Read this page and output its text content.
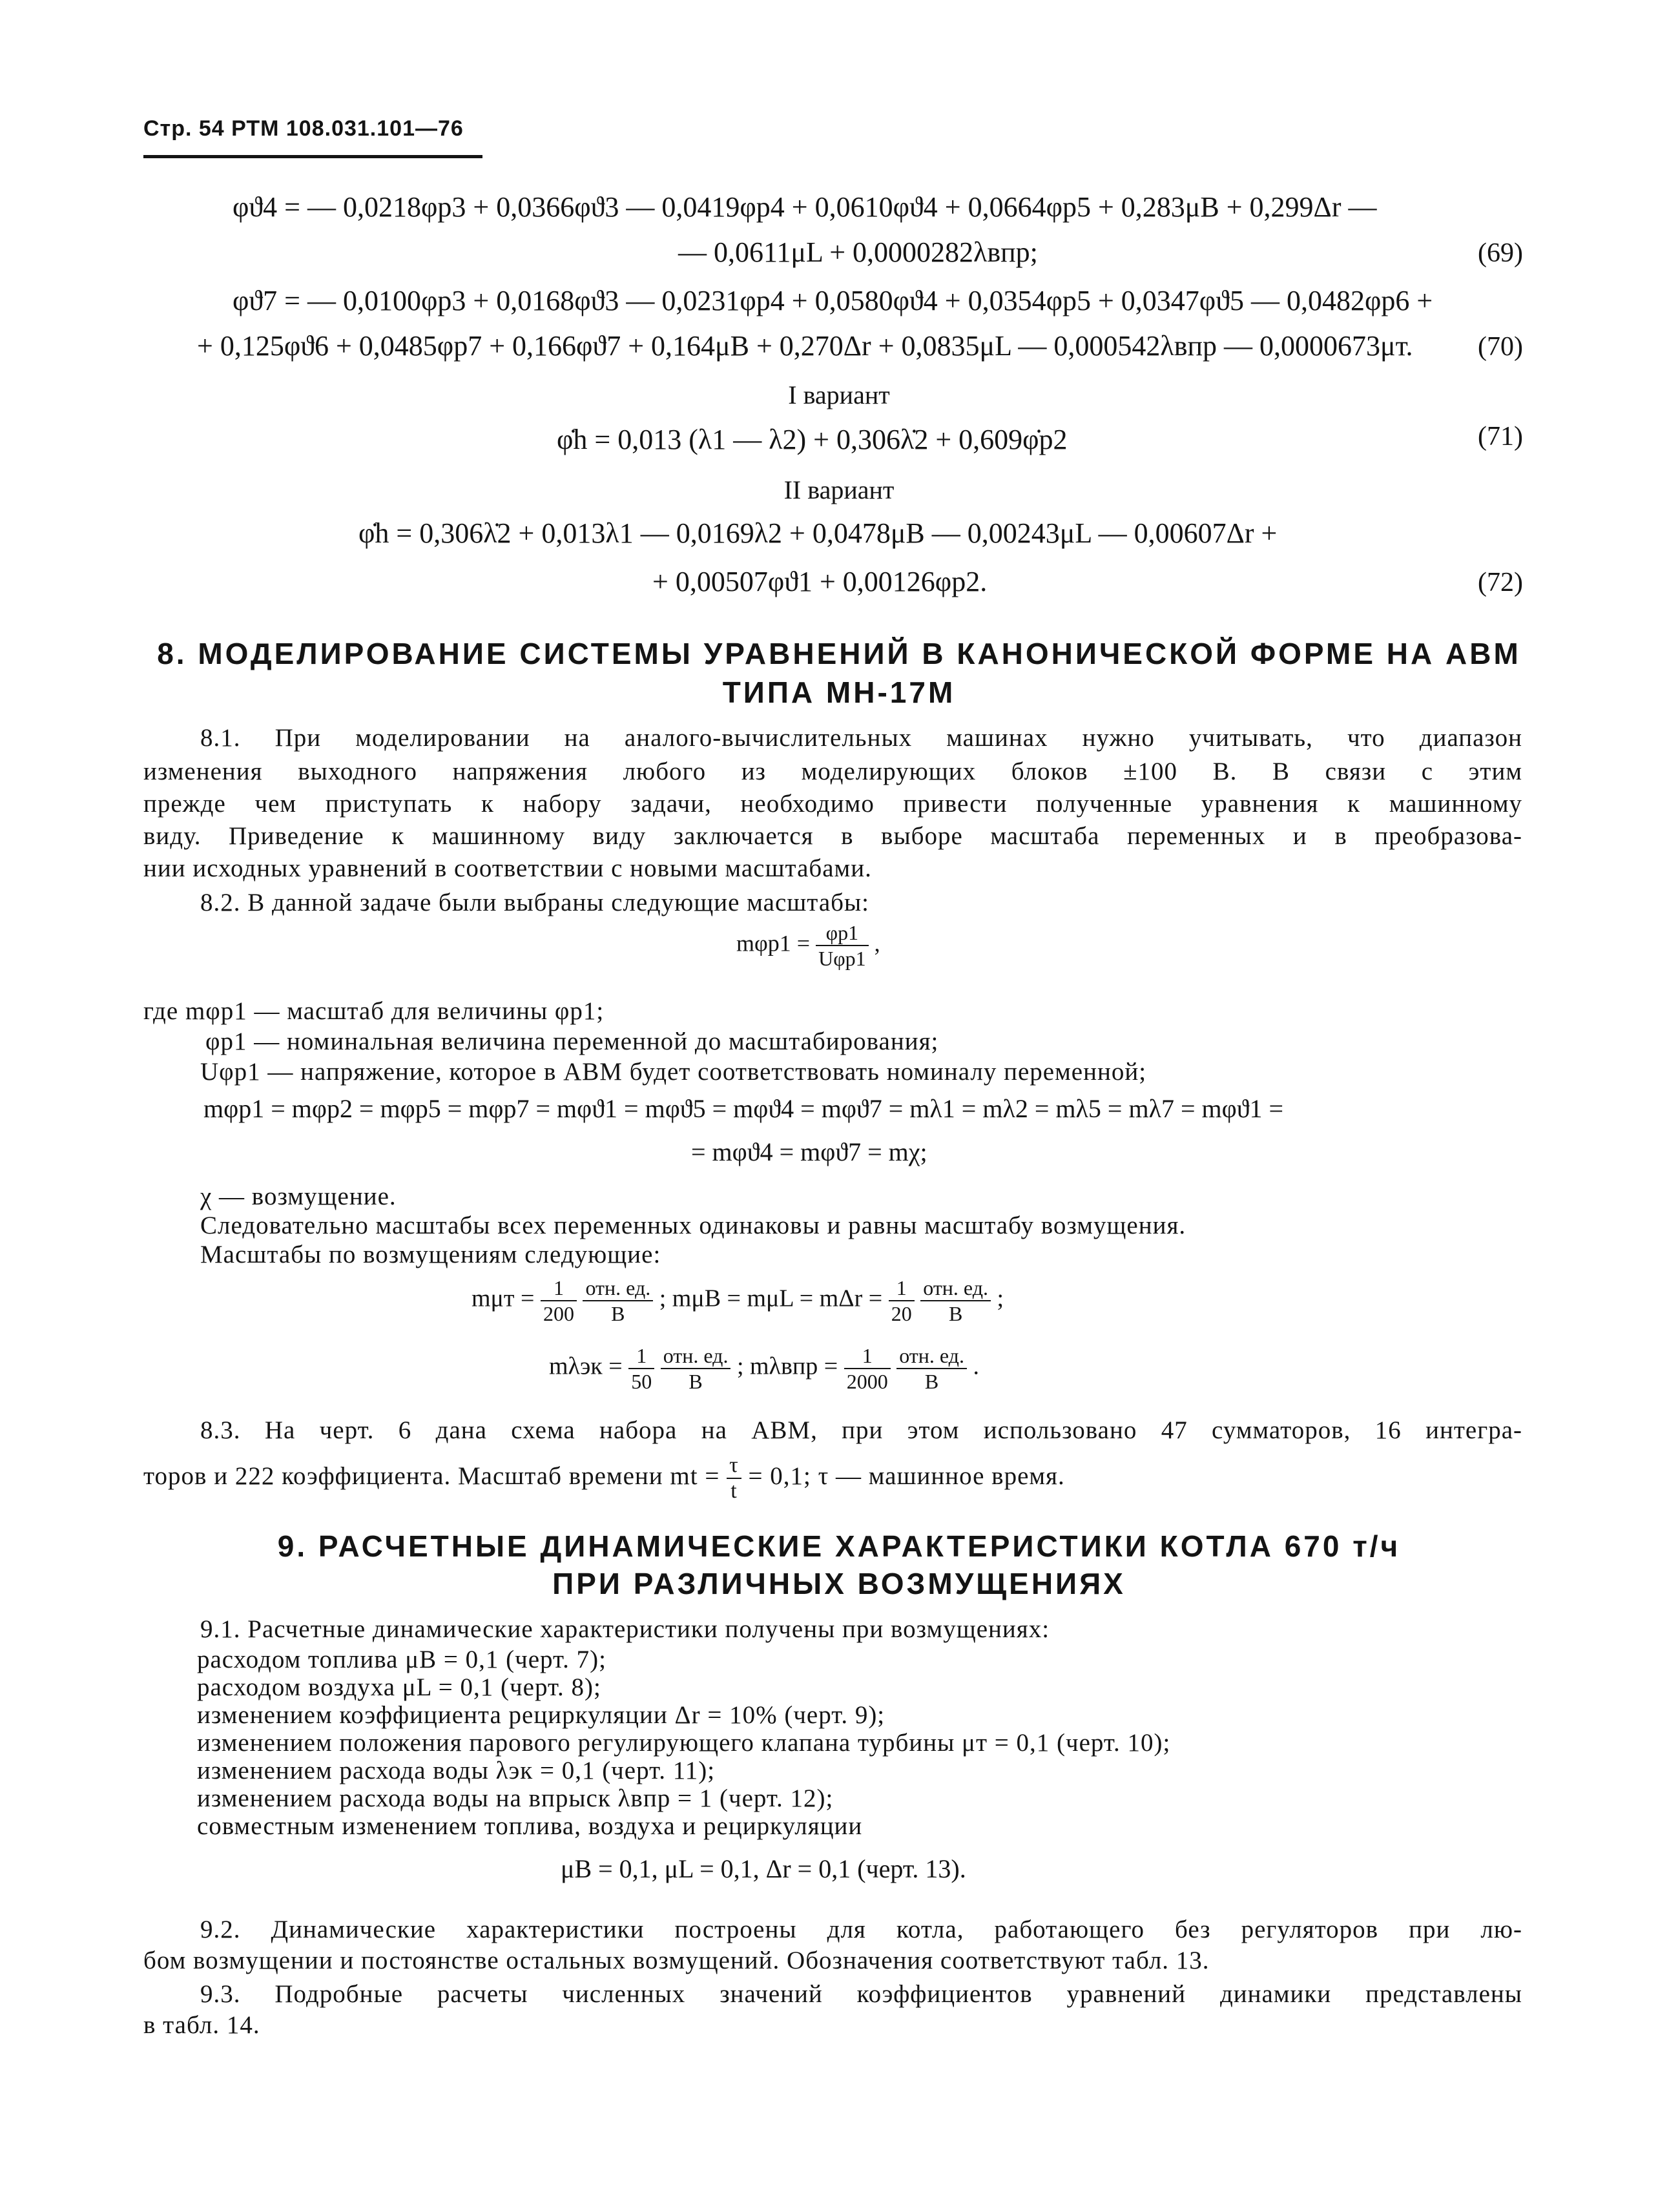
Стр. 54 РТМ 108.031.101—76
φϑ4 = — 0,0218φp3 + 0,0366φϑ3 — 0,0419φp4 + 0,0610φϑ4 + 0,0664φp5 + 0,283μB + 0,299Δr —
— 0,0611μL + 0,0000282λвпр;	(69)
φϑ7 = — 0,0100φp3 + 0,0168φϑ3 — 0,0231φp4 + 0,0580φϑ4 + 0,0354φp5 + 0,0347φϑ5 — 0,0482φp6 +
+ 0,125φϑ6 + 0,0485φp7 + 0,166φϑ7 + 0,164μB + 0,270Δr + 0,0835μL — 0,000542λвпр — 0,0000673μт. (70)
I вариант
φ̇h = 0,013 (λ1 — λ2) + 0,306λ̇2 + 0,609φ̇p2	(71)
II вариант
φ̇h = 0,306λ̇2 + 0,013λ1 — 0,0169λ2 + 0,0478μB — 0,00243μL — 0,00607Δr +
+ 0,00507φϑ1 + 0,00126φp2.	(72)
8. МОДЕЛИРОВАНИЕ СИСТЕМЫ УРАВНЕНИЙ В КАНОНИЧЕСКОЙ ФОРМЕ НА АВМ
ТИПА МН-17М
8.1. При моделировании на аналого-вычислительных машинах нужно учитывать, что диапазон
изменения выходного напряжения любого из моделирующих блоков ±100 В. В связи с этим
прежде чем приступать к набору задачи, необходимо привести полученные уравнения к машинному
виду. Приведение к машинному виду заключается в выборе масштаба переменных и в преобразова-
нии исходных уравнений в соответствии с новыми масштабами.
8.2. В данной задаче были выбраны следующие масштабы:
$m\varphi p1 = \frac{\varphi p1}{\text{Uφp1}}$ ,
где mφp1 — масштаб для величины φp1;
φp1 — номинальная величина переменной до масштабирования;
Uφp1 — напряжение, которое в АВМ будет соответствовать номиналу переменной;
mφp1 = mφp2 = mφp5 = mφp7 = mφϑ1 = mφϑ5 = mφϑ4 = mφϑ7 = mλ1 = mλ2 = mλ5 = mλ7 = mφϑ1 =
= mφϑ4 = mφϑ7 = mχ;
χ — возмущение.
Следовательно масштабы всех переменных одинаковы и равны масштабу возмущения.
Масштабы по возмущениям следующие:
$m\mu т = \frac{1}{200}$
$\frac{\text{отн. ед.}}{В}$ ; $m\mu B = m\mu L = m\Delta r = \frac{1}{20}$
$\frac{\text{отн. ед.}}{В}$ ;
$m\lambda эк = \frac{1}{50}$
$\frac{\text{отн. ед.}}{В}$ ; $m\lambda впр = \frac{1}{2000}$
$\frac{\text{отн. ед.}}{В}$ .
8.3. На черт. 6 дана схема набора на АВМ, при этом использовано 47 сумматоров, 16 интегра-
торов и 222 коэффициента. Масштаб времени mt = $\frac{\tau}{t} = 0,1$; τ — машинное время.
9. РАСЧЕТНЫЕ ДИНАМИЧЕСКИЕ ХАРАКТЕРИСТИКИ КОТЛА 670 т/ч
ПРИ РАЗЛИЧНЫХ ВОЗМУЩЕНИЯХ
9.1. Расчетные динамические характеристики получены при возмущениях:
расходом топлива μB = 0,1 (черт. 7);
расходом воздуха μL = 0,1 (черт. 8);
изменением коэффициента рециркуляции Δr = 10% (черт. 9);
изменением положения парового регулирующего клапана турбины μт = 0,1 (черт. 10);
изменением расхода воды λэк = 0,1 (черт. 11);
изменением расхода воды на впрыск λвпр = 1 (черт. 12);
совместным изменением топлива, воздуха и рециркуляции
μB = 0,1, μL = 0,1, Δr = 0,1 (черт. 13).
9.2. Динамические характеристики построены для котла, работающего без регуляторов при лю-
бом возмущении и постоянстве остальных возмущений. Обозначения соответствуют табл. 13.
9.3. Подробные расчеты численных значений коэффициентов уравнений динамики представлены
в табл. 14.
